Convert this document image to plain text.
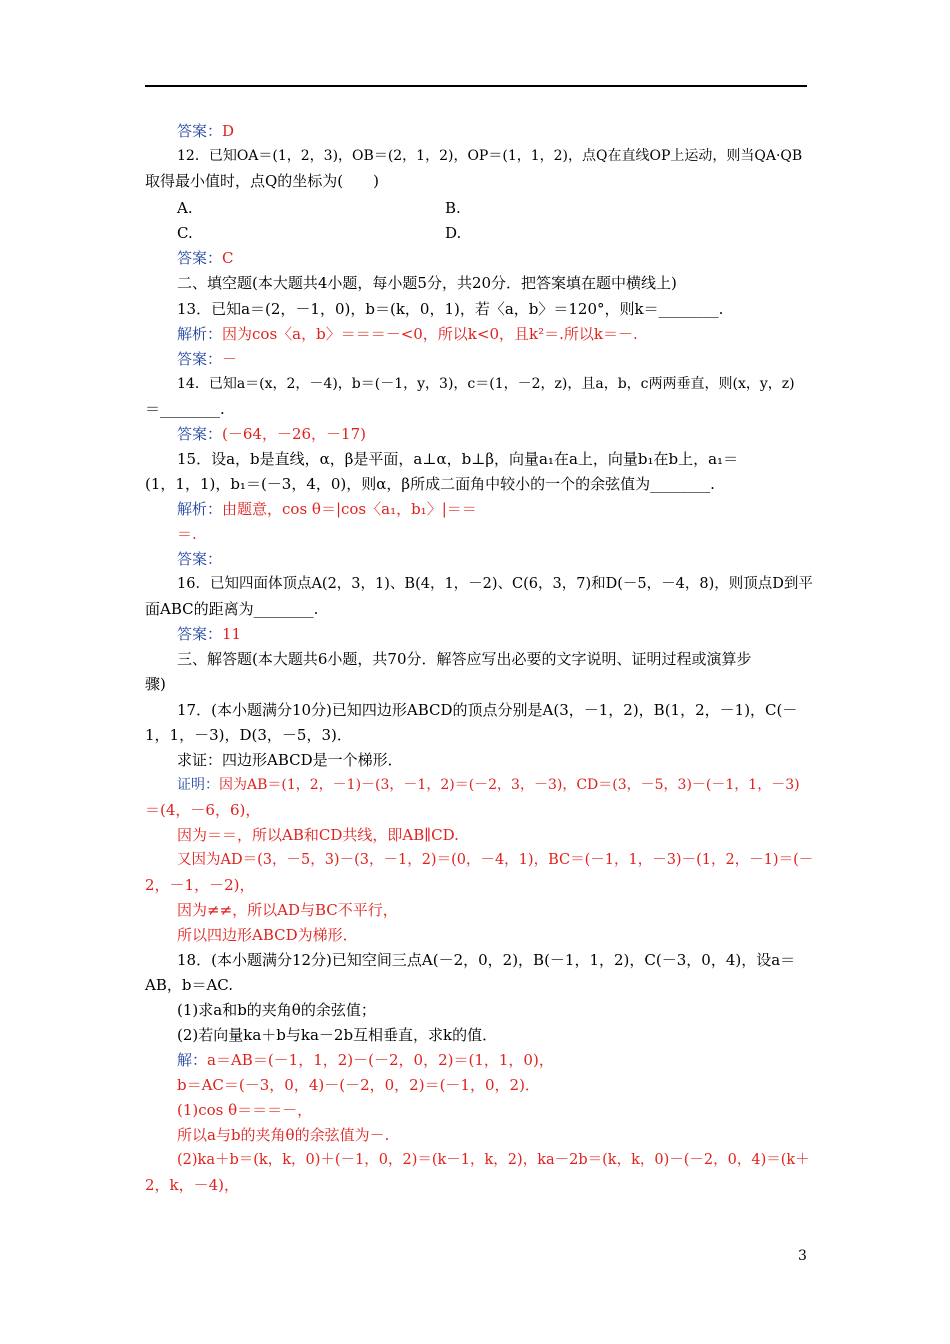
答案：D
12．已知OA＝(1，2，3)，OB＝(2，1，2)，OP＝(1，1，2)，点Q在直线OP上运动，则当QA·QB
取得最小值时，点Q的坐标为(　　)
A.	B.
C.	D.
答案：C
二、填空题(本大题共4小题，每小题5分，共20分．把答案填在题中横线上)
13．已知a＝(2，－1，0)，b＝(k，0，1)，若〈a，b〉＝120°，则k＝________.
解析：因为cos〈a，b〉＝＝＝－<0，所以k<0，且k²＝.所以k＝－.
答案：－
14．已知a＝(x，2，－4)，b＝(－1，y，3)，c＝(1，－2，z)，且a，b，c两两垂直，则(x，y，z)
＝________.
答案：(－64，－26，－17)
15．设a，b是直线，α，β是平面，a⊥α，b⊥β，向量a₁在a上，向量b₁在b上，a₁＝
(1，1，1)，b₁＝(－3，4，0)，则α，β所成二面角中较小的一个的余弦值为________.
解析：由题意，cos θ＝|cos〈a₁，b₁〉|＝＝
＝.
答案：
16．已知四面体顶点A(2，3，1)、B(4，1，－2)、C(6，3，7)和D(－5，－4，8)，则顶点D到平
面ABC的距离为________.
答案：11
三、解答题(本大题共6小题，共70分．解答应写出必要的文字说明、证明过程或演算步
骤)
17．(本小题满分10分)已知四边形ABCD的顶点分别是A(3，－1，2)，B(1，2，－1)，C(－
1，1，－3)，D(3，－5，3)．
求证：四边形ABCD是一个梯形．
证明：因为AB＝(1，2，－1)－(3，－1，2)＝(－2，3，－3)，CD＝(3，－5，3)－(－1，1，－3)
＝(4，－6，6)，
因为＝＝，所以AB和CD共线，即AB∥CD.
又因为AD＝(3，－5，3)－(3，－1，2)＝(0，－4，1)，BC＝(－1，1，－3)－(1，2，－1)＝(－
2，－1，－2)，
因为≠≠，所以AD与BC不平行，
所以四边形ABCD为梯形．
18．(本小题满分12分)已知空间三点A(－2，0，2)，B(－1，1，2)，C(－3，0，4)，设a＝
AB，b＝AC.
(1)求a和b的夹角θ的余弦值；
(2)若向量ka＋b与ka－2b互相垂直，求k的值．
解：a＝AB＝(－1，1，2)－(－2，0，2)＝(1，1，0)，
b＝AC＝(－3，0，4)－(－2，0，2)＝(－1，0，2)．
(1)cos θ＝＝＝－，
所以a与b的夹角θ的余弦值为－.
(2)ka＋b＝(k，k，0)＋(－1，0，2)＝(k－1，k，2)，ka－2b＝(k，k，0)－(－2，0，4)＝(k＋
2，k，－4)，
3
